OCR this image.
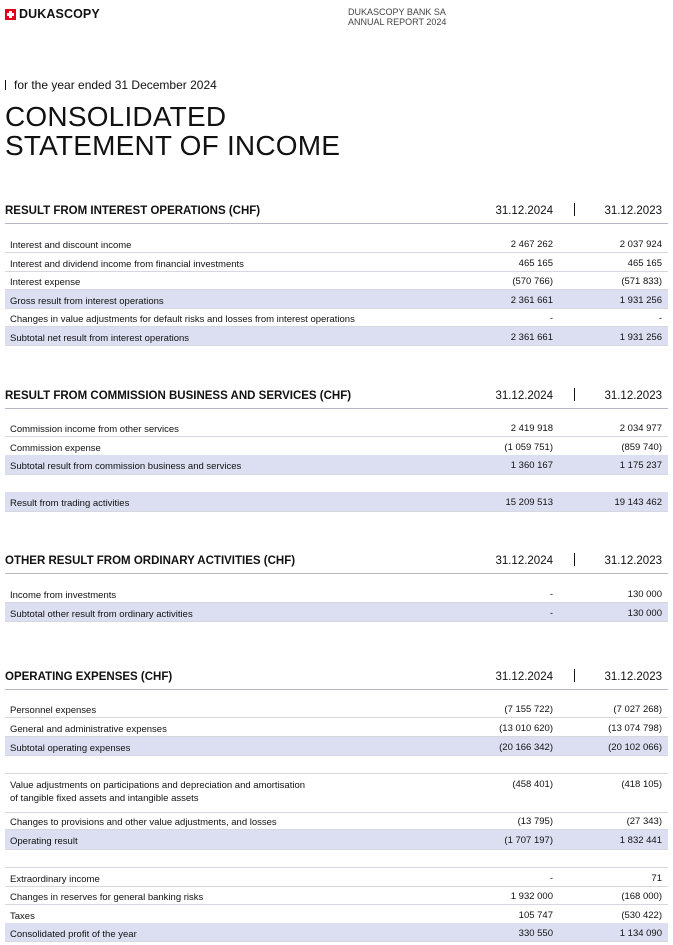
DUKASCOPY	DUKASCOPY BANK SA
ANNUAL REPORT 2024
for the year ended 31 December 2024
CONSOLIDATED
STATEMENT OF INCOME
RESULT FROM INTEREST OPERATIONS (CHF)	31.12.2024	31.12.2023
Interest and discount income	2 467 262	2 037 924
Interest and dividend income from financial investments	465 165	465 165
Interest expense	(570 766)	(571 833)
Gross result from interest operations	2 361 661	1 931 256
Changes in value adjustments for default risks and losses from interest operations	-	-
Subtotal net result from interest operations	2 361 661	1 931 256
RESULT FROM COMMISSION BUSINESS AND SERVICES (CHF)	31.12.2024	31.12.2023
Commission income from other services	2 419 918	2 034 977
Commission expense	(1 059 751)	(859 740)
Subtotal result from commission business and services	1 360 167	1 175 237
Result from trading activities	15 209 513	19 143 462
OTHER RESULT FROM ORDINARY ACTIVITIES (CHF)	31.12.2024	31.12.2023
Income from investments	-	130 000
Subtotal other result from ordinary activities	-	130 000
OPERATING EXPENSES (CHF)	31.12.2024	31.12.2023
Personnel expenses	(7 155 722)	(7 027 268)
General and administrative expenses	(13 010 620)	(13 074 798)
Subtotal operating expenses	(20 166 342)	(20 102 066)
Value adjustments on participations and depreciation and amortisation
of tangible fixed assets and intangible assets
(458 401)	(418 105)
Changes to provisions and other value adjustments, and losses	(13 795)	(27 343)
Operating result	(1 707 197)	1 832 441
Extraordinary income	-	71
Changes in reserves for general banking risks	1 932 000	(168 000)
Taxes	105 747	(530 422)
Consolidated profit of the year	330 550	1 134 090
